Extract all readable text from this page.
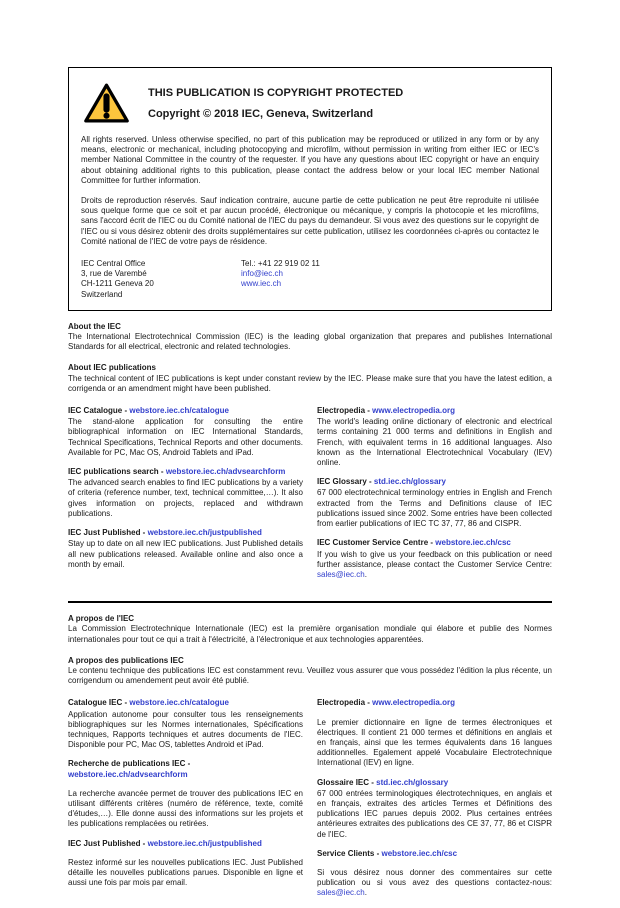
THIS PUBLICATION IS COPYRIGHT PROTECTED
Copyright © 2018 IEC, Geneva, Switzerland

All rights reserved. Unless otherwise specified, no part of this publication may be reproduced or utilized in any form or by any means, electronic or mechanical, including photocopying and microfilm, without permission in writing from either IEC or IEC's member National Committee in the country of the requester. If you have any questions about IEC copyright or have an enquiry about obtaining additional rights to this publication, please contact the address below or your local IEC member National Committee for further information.

Droits de reproduction réservés. Sauf indication contraire, aucune partie de cette publication ne peut être reproduite ni utilisée sous quelque forme que ce soit et par aucun procédé, électronique ou mécanique, y compris la photocopie et les microfilms, sans l'accord écrit de l'IEC ou du Comité national de l'IEC du pays du demandeur. Si vous avez des questions sur le copyright de l'IEC ou si vous désirez obtenir des droits supplémentaires sur cette publication, utilisez les coordonnées ci-après ou contactez le Comité national de l'IEC de votre pays de résidence.

IEC Central Office
3, rue de Varembé
CH-1211 Geneva 20
Switzerland
Tel.: +41 22 919 02 11
info@iec.ch
www.iec.ch
About the IEC

The International Electrotechnical Commission (IEC) is the leading global organization that prepares and publishes International Standards for all electrical, electronic and related technologies.

About IEC publications

The technical content of IEC publications is kept under constant review by the IEC. Please make sure that you have the latest edition, a corrigenda or an amendment might have been published.

IEC Catalogue - webstore.iec.ch/catalogue

The stand-alone application for consulting the entire bibliographical information on IEC International Standards, Technical Specifications, Technical Reports and other documents. Available for PC, Mac OS, Android Tablets and iPad.

IEC publications search - webstore.iec.ch/advsearchform

The advanced search enables to find IEC publications by a variety of criteria (reference number, text, technical committee,…). It also gives information on projects, replaced and withdrawn publications.

IEC Just Published - webstore.iec.ch/justpublished

Stay up to date on all new IEC publications. Just Published details all new publications released. Available online and also once a month by email.

Electropedia - www.electropedia.org

The world's leading online dictionary of electronic and electrical terms containing 21 000 terms and definitions in English and French, with equivalent terms in 16 additional languages. Also known as the International Electrotechnical Vocabulary (IEV) online.

IEC Glossary - std.iec.ch/glossary

67 000 electrotechnical terminology entries in English and French extracted from the Terms and Definitions clause of IEC publications issued since 2002. Some entries have been collected from earlier publications of IEC TC 37, 77, 86 and CISPR.

IEC Customer Service Centre - webstore.iec.ch/csc

If you wish to give us your feedback on this publication or need further assistance, please contact the Customer Service Centre: sales@iec.ch.

A propos de l'IEC

La Commission Electrotechnique Internationale (IEC) est la première organisation mondiale qui élabore et publie des Normes internationales pour tout ce qui a trait à l'électricité, à l'électronique et aux technologies apparentées.

A propos des publications IEC

Le contenu technique des publications IEC est constamment revu. Veuillez vous assurer que vous possédez l'édition la plus récente, un corrigendum ou amendement peut avoir été publié.

Catalogue IEC - webstore.iec.ch/catalogue

Application autonome pour consulter tous les renseignements bibliographiques sur les Normes internationales, Spécifications techniques, Rapports techniques et autres documents de l'IEC. Disponible pour PC, Mac OS, tablettes Android et iPad.

Recherche de publications IEC - webstore.iec.ch/advsearchform

La recherche avancée permet de trouver des publications IEC en utilisant différents critères (numéro de référence, texte, comité d'études,…). Elle donne aussi des informations sur les projets et les publications remplacées ou retirées.

IEC Just Published - webstore.iec.ch/justpublished

Restez informé sur les nouvelles publications IEC. Just Published détaille les nouvelles publications parues. Disponible en ligne et aussi une fois par mois par email.

Electropedia - www.electropedia.org

Le premier dictionnaire en ligne de termes électroniques et électriques. Il contient 21 000 termes et définitions en anglais et en français, ainsi que les termes équivalents dans 16 langues additionnelles. Egalement appelé Vocabulaire Electrotechnique International (IEV) en ligne.

Glossaire IEC - std.iec.ch/glossary

67 000 entrées terminologiques électrotechniques, en anglais et en français, extraites des articles Termes et Définitions des publications IEC parues depuis 2002. Plus certaines entrées antérieures extraites des publications des CE 37, 77, 86 et CISPR de l'IEC.

Service Clients - webstore.iec.ch/csc

Si vous désirez nous donner des commentaires sur cette publication ou si vous avez des questions contactez-nous: sales@iec.ch.
